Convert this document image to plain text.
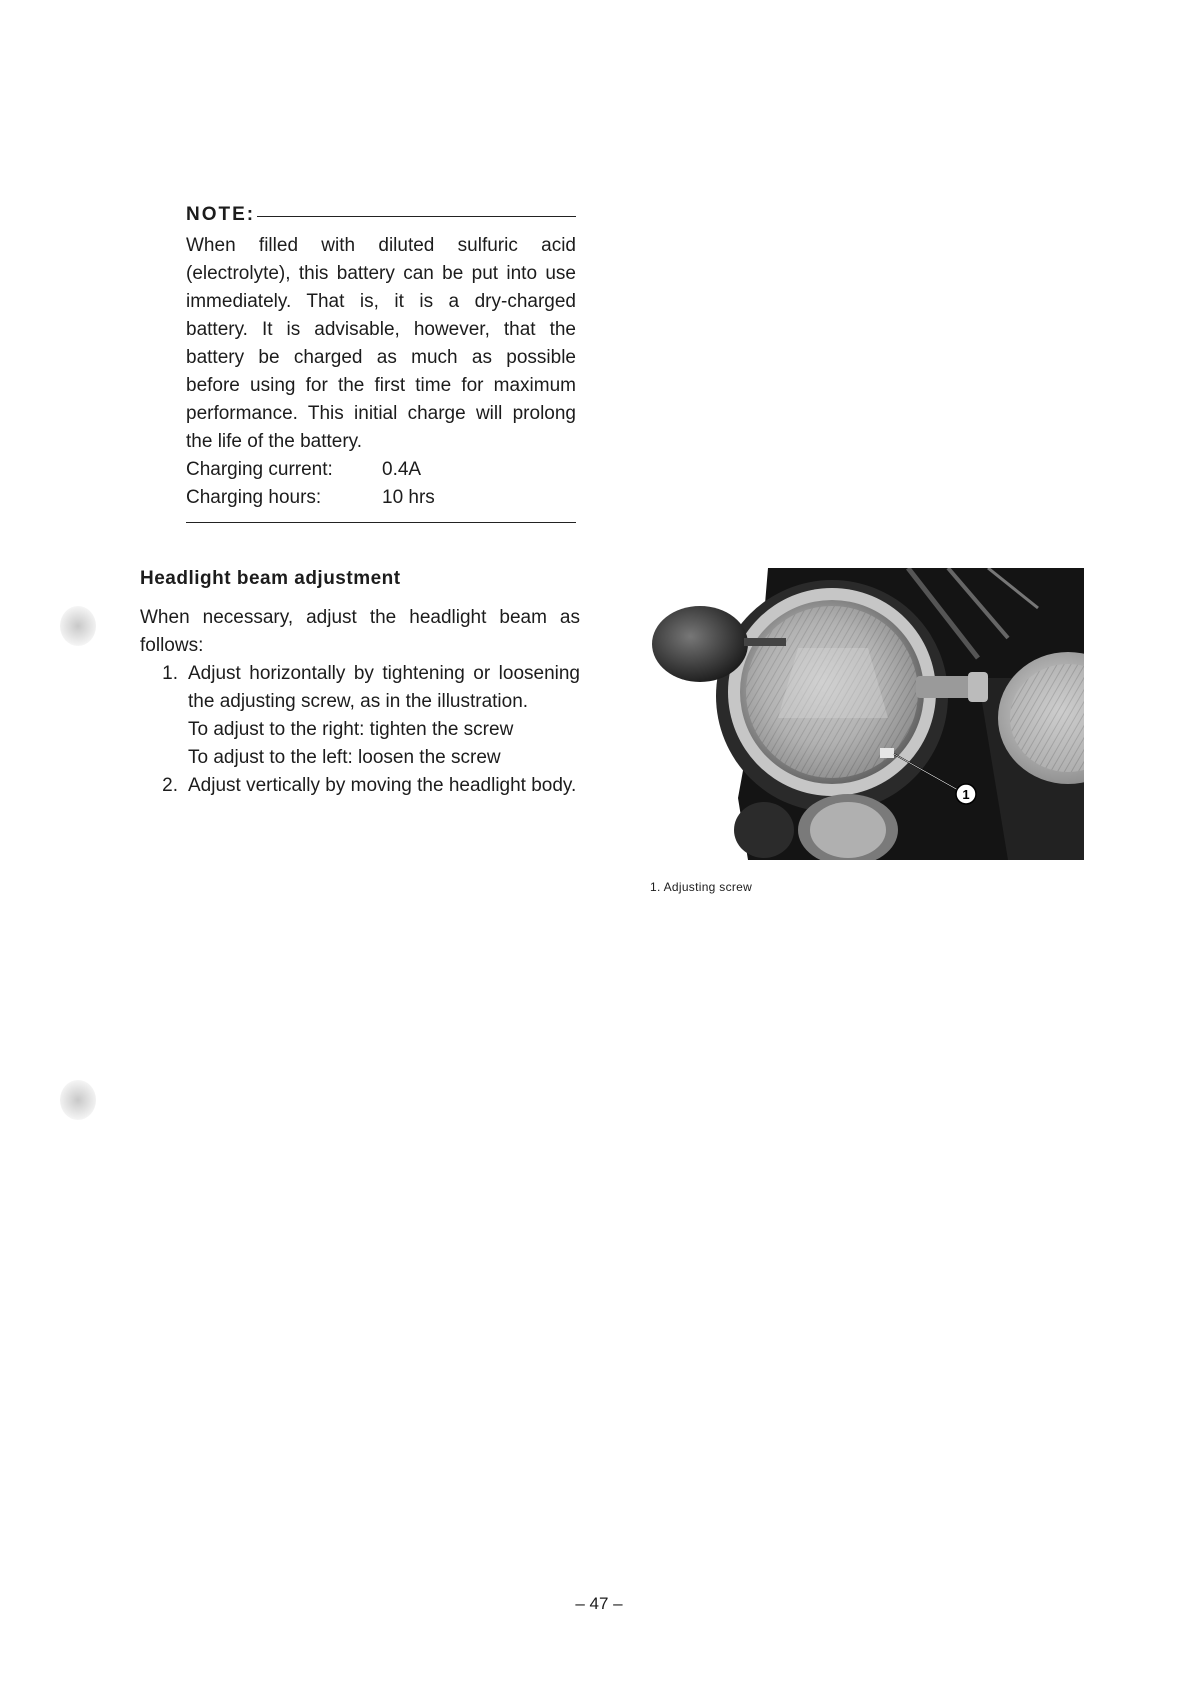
NOTE:
When filled with diluted sulfuric acid (electrolyte), this battery can be put into use immediately. That is, it is a dry-charged battery. It is advisable, however, that the battery be charged as much as possible before using for the first time for maximum performance. This initial charge will prolong the life of the battery.
Charging current:	0.4A
Charging hours:	10 hrs
Headlight beam adjustment
When necessary, adjust the headlight beam as follows:
1. Adjust horizontally by tightening or loosening the adjusting screw, as in the illustration.
To adjust to the right: tighten the screw
To adjust to the left: loosen the screw
2. Adjust vertically by moving the headlight body.	1
1. Adjusting screw
– 47 –
